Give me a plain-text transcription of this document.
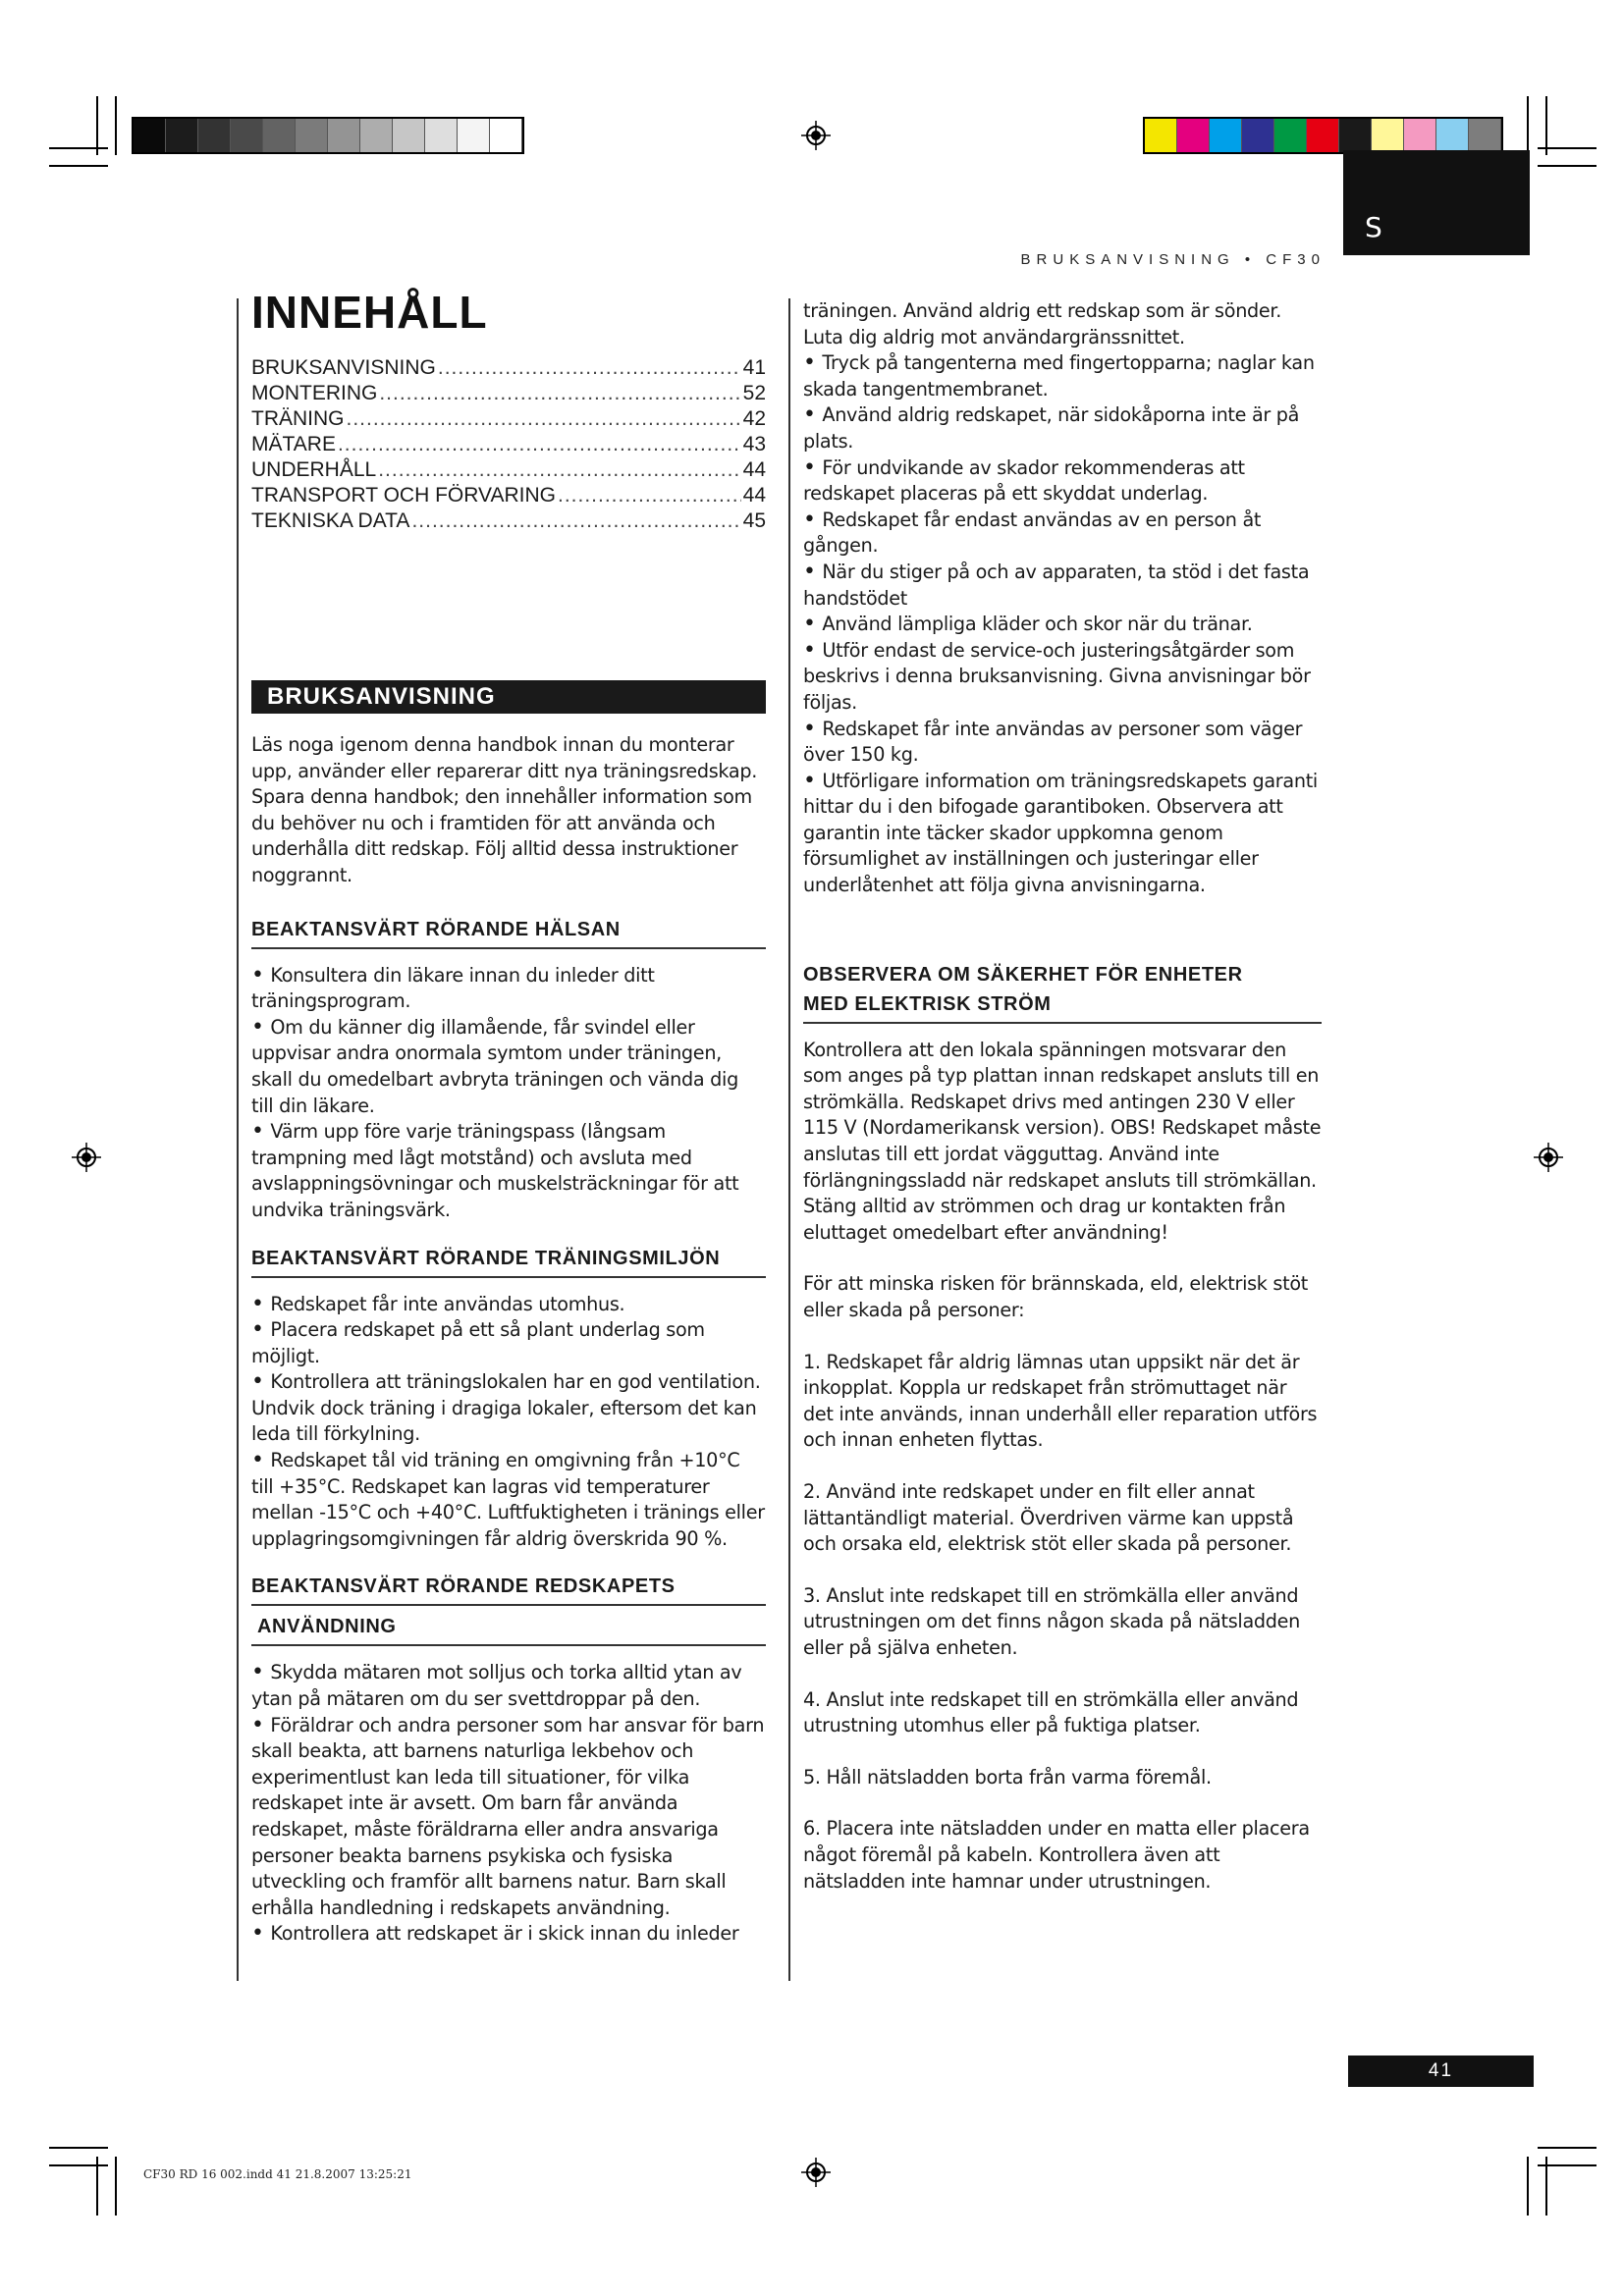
S
BRUKSANVISNING • CF30
INNEHÅLL
BRUKSANVISNING .....	41
MONTERING .....	52
TRÄNING .....	42
MÄTARE .....	43
UNDERHÅLL .....	44
TRANSPORT OCH FÖRVARING .....	44
TEKNISKA DATA .....	45
BRUKSANVISNING

Läs noga igenom denna handbok innan du monterar upp, använder eller reparerar ditt nya träningsredskap. Spara denna handbok; den innehåller information som du behöver nu och i framtiden för att använda och underhålla ditt redskap. Följ alltid dessa instruktioner noggrannt.

BEAKTANSVÄRT RÖRANDE HÄLSAN

• Konsultera din läkare innan du inleder ditt träningsprogram.

• Om du känner dig illamående, får svindel eller uppvisar andra onormala symtom under träningen, skall du omedelbart avbryta träningen och vända dig till din läkare.

• Värm upp före varje träningspass (långsam trampning med lågt motstånd) och avsluta med avslappningsövningar och muskelsträckningar för att undvika träningsvärk.

BEAKTANSVÄRT RÖRANDE TRÄNINGSMILJÖN

• Redskapet får inte användas utomhus.

• Placera redskapet på ett så plant underlag som möjligt.

• Kontrollera att träningslokalen har en god ventilation. Undvik dock träning i dragiga lokaler, eftersom det kan leda till förkylning.

• Redskapet tål vid träning en omgivning från +10°C till +35°C. Redskapet kan lagras vid temperaturer mellan -15°C och +40°C. Luftfuktigheten i tränings eller upplagringsomgivningen får aldrig överskrida 90 %.

BEAKTANSVÄRT RÖRANDE REDSKAPETS
ANVÄNDNING

• Skydda mätaren mot solljus och torka alltid ytan av ytan på mätaren om du ser svettdroppar på den.

• Föräldrar och andra personer som har ansvar för barn skall beakta, att barnens naturliga lekbehov och experimentlust kan leda till situationer, för vilka redskapet inte är avsett. Om barn får använda redskapet, måste föräldrarna eller andra ansvariga personer beakta barnens psykiska och fysiska utveckling och framför allt barnens natur. Barn skall erhålla handledning i redskapets användning.

• Kontrollera att redskapet är i skick innan du inleder

träningen. Använd aldrig ett redskap som är sönder. Luta dig aldrig mot användargränssnittet.

• Tryck på tangenterna med fingertopparna; naglar kan skada tangentmembranet.

• Använd aldrig redskapet, när sidokåporna inte är på plats.

• För undvikande av skador rekommenderas att redskapet placeras på ett skyddat underlag.

• Redskapet får endast användas av en person åt gången.

• När du stiger på och av apparaten, ta stöd i det fasta handstödet

• Använd lämpliga kläder och skor när du tränar.

• Utför endast de service-och justeringsåtgärder som beskrivs i denna bruksanvisning. Givna anvisningar bör följas.

• Redskapet får inte användas av personer som väger över 150 kg.

• Utförligare information om träningsredskapets garanti hittar du i den bifogade garantiboken. Observera att garantin inte täcker skador uppkomna genom försumlighet av inställningen och justeringar eller underlåtenhet att följa givna anvisningarna.

OBSERVERA OM SÄKERHET FÖR ENHETER
MED ELEKTRISK STRÖM

Kontrollera att den lokala spänningen motsvarar den som anges på typ plattan innan redskapet ansluts till en strömkälla. Redskapet drivs med antingen 230 V eller 115 V (Nordamerikansk version). OBS! Redskapet måste anslutas till ett jordat vägguttag. Använd inte förlängningssladd när redskapet ansluts till strömkällan. Stäng alltid av strömmen och drag ur kontakten från eluttaget omedelbart efter användning!

För att minska risken för brännskada, eld, elektrisk stöt eller skada på personer:

1. Redskapet får aldrig lämnas utan uppsikt när det är inkopplat. Koppla ur redskapet från strömuttaget när det inte används, innan underhåll eller reparation utförs och innan enheten flyttas.

2. Använd inte redskapet under en filt eller annat lättantändligt material. Överdriven värme kan uppstå och orsaka eld, elektrisk stöt eller skada på personer.

3. Anslut inte redskapet till en strömkälla eller använd utrustningen om det finns någon skada på nätsladden eller på själva enheten.

4. Anslut inte redskapet till en strömkälla eller använd utrustning utomhus eller på fuktiga platser.

5. Håll nätsladden borta från varma föremål.

6. Placera inte nätsladden under en matta eller placera något föremål på kabeln. Kontrollera även att nätsladden inte hamnar under utrustningen.

41
CF30 RD 16 002.indd 41 21.8.2007 13:25:21
